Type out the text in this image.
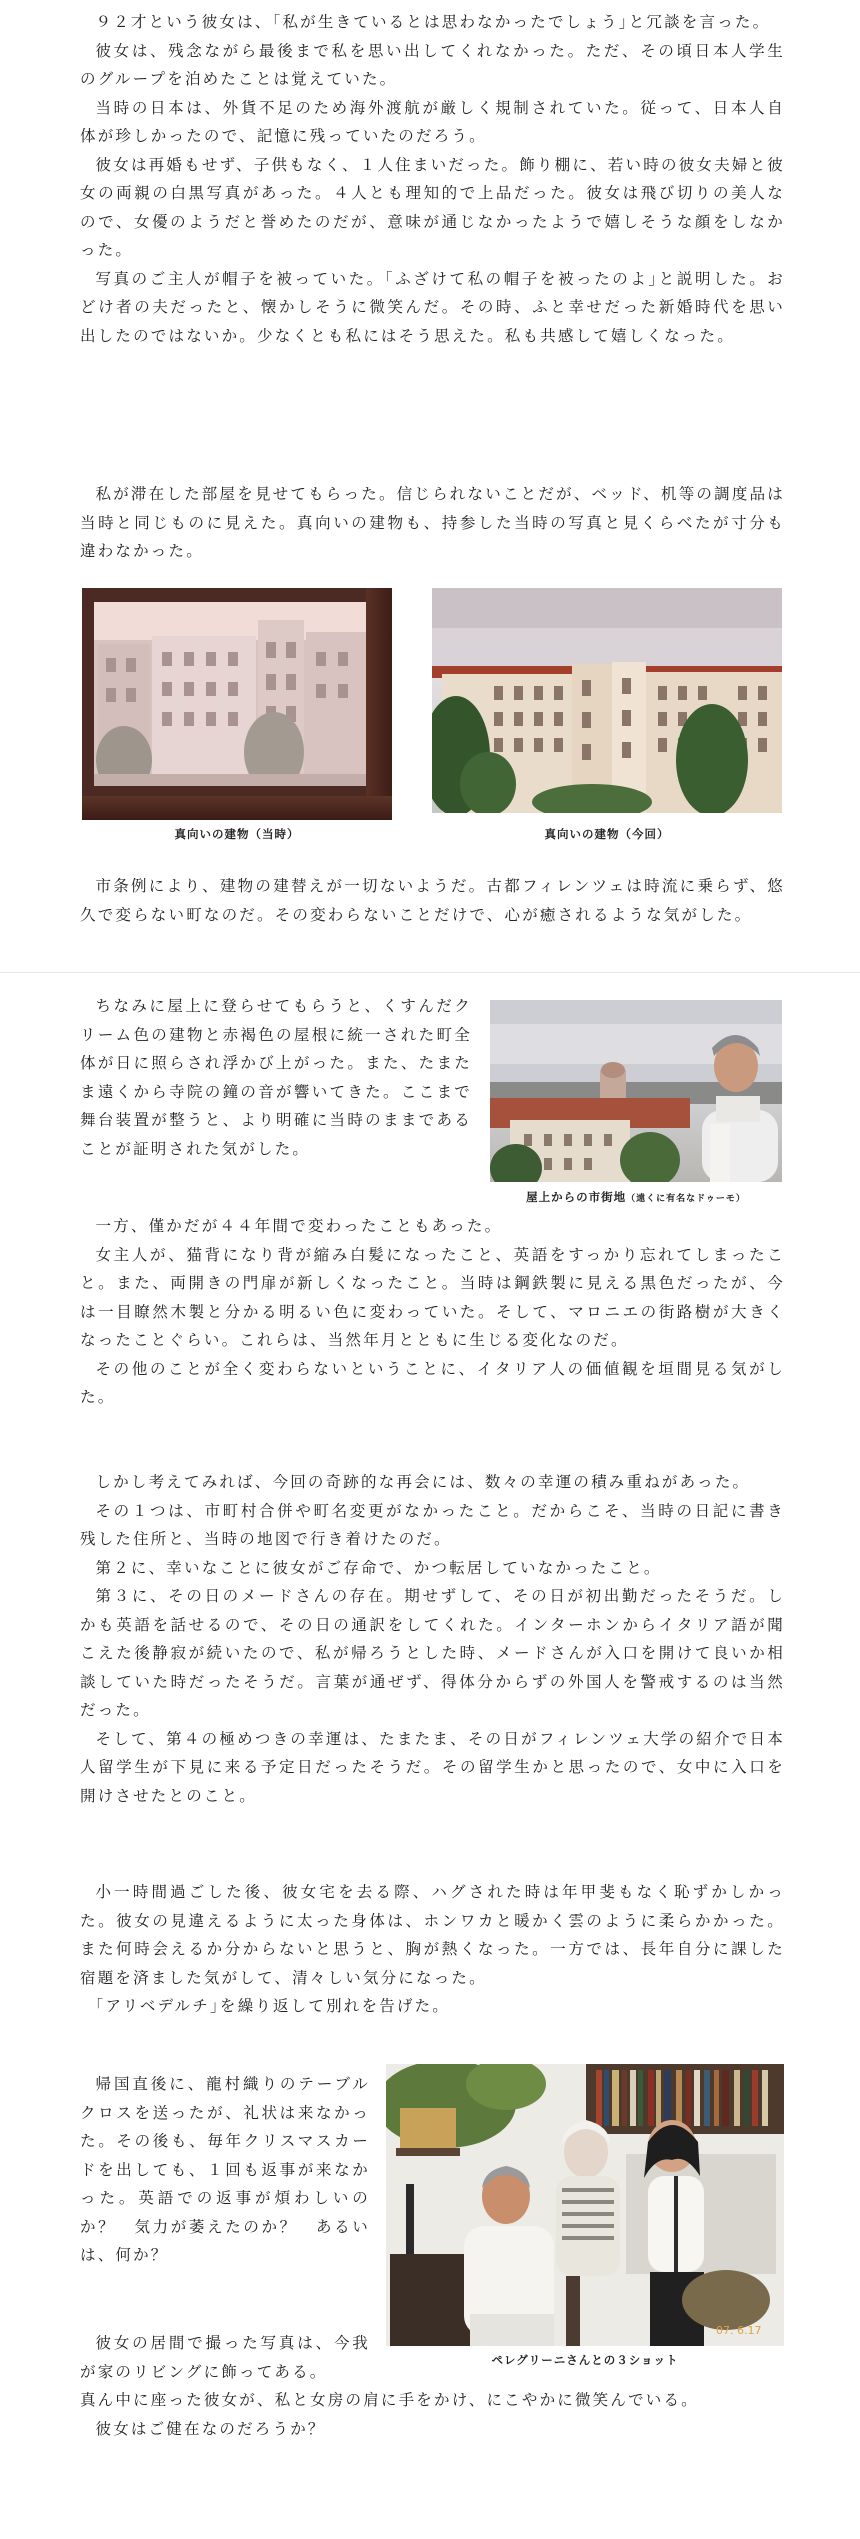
９２才という彼女は、｢私が生きているとは思わなかったでしょう｣と冗談を言った。

彼女は、残念ながら最後まで私を思い出してくれなかった。ただ、その頃日本人学生のグループを泊めたことは覚えていた。

当時の日本は、外貨不足のため海外渡航が厳しく規制されていた。従って、日本人自体が珍しかったので、記憶に残っていたのだろう。

彼女は再婚もせず、子供もなく、１人住まいだった。飾り棚に、若い時の彼女夫婦と彼女の両親の白黒写真があった。４人とも理知的で上品だった。彼女は飛び切りの美人なので、女優のようだと誉めたのだが、意味が通じなかったようで嬉しそうな顔をしなかった。

写真のご主人が帽子を被っていた。｢ふざけて私の帽子を被ったのよ｣と説明した。おどけ者の夫だったと、懐かしそうに微笑んだ。その時、ふと幸せだった新婚時代を思い出したのではないか。少なくとも私にはそう思えた。私も共感して嬉しくなった。

私が滞在した部屋を見せてもらった。信じられないことだが、ベッド、机等の調度品は当時と同じものに見えた。真向いの建物も、持参した当時の写真と見くらべたが寸分も違わなかった。

真向いの建物（当時）	真向いの建物（今回）

市条例により、建物の建替えが一切ないようだ。古都フィレンツェは時流に乗らず、悠久で変らない町なのだ。その変わらないことだけで、心が癒されるような気がした。

ちなみに屋上に登らせてもらうと、くすんだクリーム色の建物と赤褐色の屋根に統一された町全体が日に照らされ浮かび上がった。また、たまたま遠くから寺院の鐘の音が響いてきた。ここまで舞台装置が整うと、より明確に当時のままであることが証明された気がした。

屋上からの市街地（遠くに有名なドゥーモ）

一方、僅かだが４４年間で変わったこともあった。

女主人が、猫背になり背が縮み白髪になったこと、英語をすっかり忘れてしまったこと。また、両開きの門扉が新しくなったこと。当時は鋼鉄製に見える黒色だったが、今は一目瞭然木製と分かる明るい色に変わっていた。そして、マロニエの街路樹が大きくなったことぐらい。これらは、当然年月とともに生じる変化なのだ。

その他のことが全く変わらないということに、イタリア人の価値観を垣間見る気がした。

しかし考えてみれば、今回の奇跡的な再会には、数々の幸運の積み重ねがあった。

その１つは、市町村合併や町名変更がなかったこと。だからこそ、当時の日記に書き残した住所と、当時の地図で行き着けたのだ。

第２に、幸いなことに彼女がご存命で、かつ転居していなかったこと。

第３に、その日のメードさんの存在。期せずして、その日が初出勤だったそうだ。しかも英語を話せるので、その日の通訳をしてくれた。インターホンからイタリア語が聞こえた後静寂が続いたので、私が帰ろうとした時、メードさんが入口を開けて良いか相談していた時だったそうだ。言葉が通ぜず、得体分からずの外国人を警戒するのは当然だった。

そして、第４の極めつきの幸運は、たまたま、その日がフィレンツェ大学の紹介で日本人留学生が下見に来る予定日だったそうだ。その留学生かと思ったので、女中に入口を開けさせたとのこと。

小一時間過ごした後、彼女宅を去る際、ハグされた時は年甲斐もなく恥ずかしかった。彼女の見違えるように太った身体は、ホンワカと暖かく雲のように柔らかかった。また何時会えるか分からないと思うと、胸が熱くなった。一方では、長年自分に課した宿題を済ました気がして、清々しい気分になった。

｢アリベデルチ｣を繰り返して別れを告げた。

帰国直後に、龍村織りのテーブルクロスを送ったが、礼状は来なかった。その後も、毎年クリスマスカードを出しても、１回も返事が来なかった。英語での返事が煩わしいのか？　気力が萎えたのか？　あるいは、何か？

07. 6.17
ペレグリーニさんとの３ショット

彼女の居間で撮った写真は、今我が家のリビングに飾ってある。

真ん中に座った彼女が、私と女房の肩に手をかけ、にこやかに微笑んでいる。

彼女はご健在なのだろうか？
